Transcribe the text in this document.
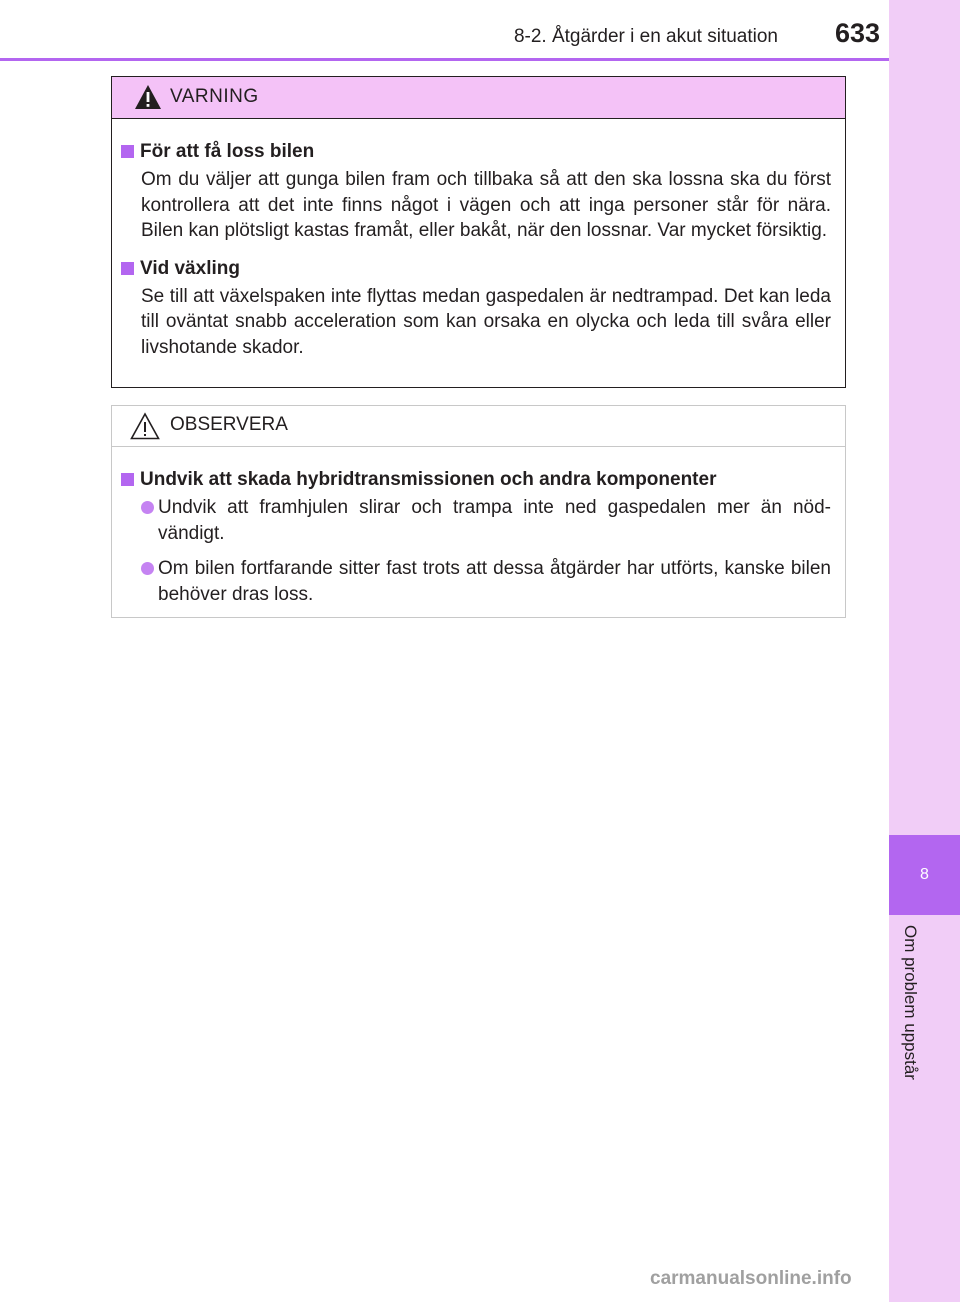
8
Om problem uppstår
8-2. Åtgärder i en akut situation	633
VARNING
För att få loss bilen
Om du väljer att gunga bilen fram och tillbaka så att den ska lossna ska du först kontrollera att det inte finns något i vägen och att inga personer står för nära. Bilen kan plötsligt kastas framåt, eller bakåt, när den lossnar. Var mycket försiktig.
Vid växling
Se till att växelspaken inte flyttas medan gaspedalen är nedtrampad. Det kan leda till oväntat snabb acceleration som kan orsaka en olycka och leda till svåra eller livshotande skador.
OBSERVERA
Undvik att skada hybridtransmissionen och andra komponenter
Undvik att framhjulen slirar och trampa inte ned gaspedalen mer än nöd-vändigt.
Om bilen fortfarande sitter fast trots att dessa åtgärder har utförts, kanske bilen behöver dras loss.
carmanualsonline.info
